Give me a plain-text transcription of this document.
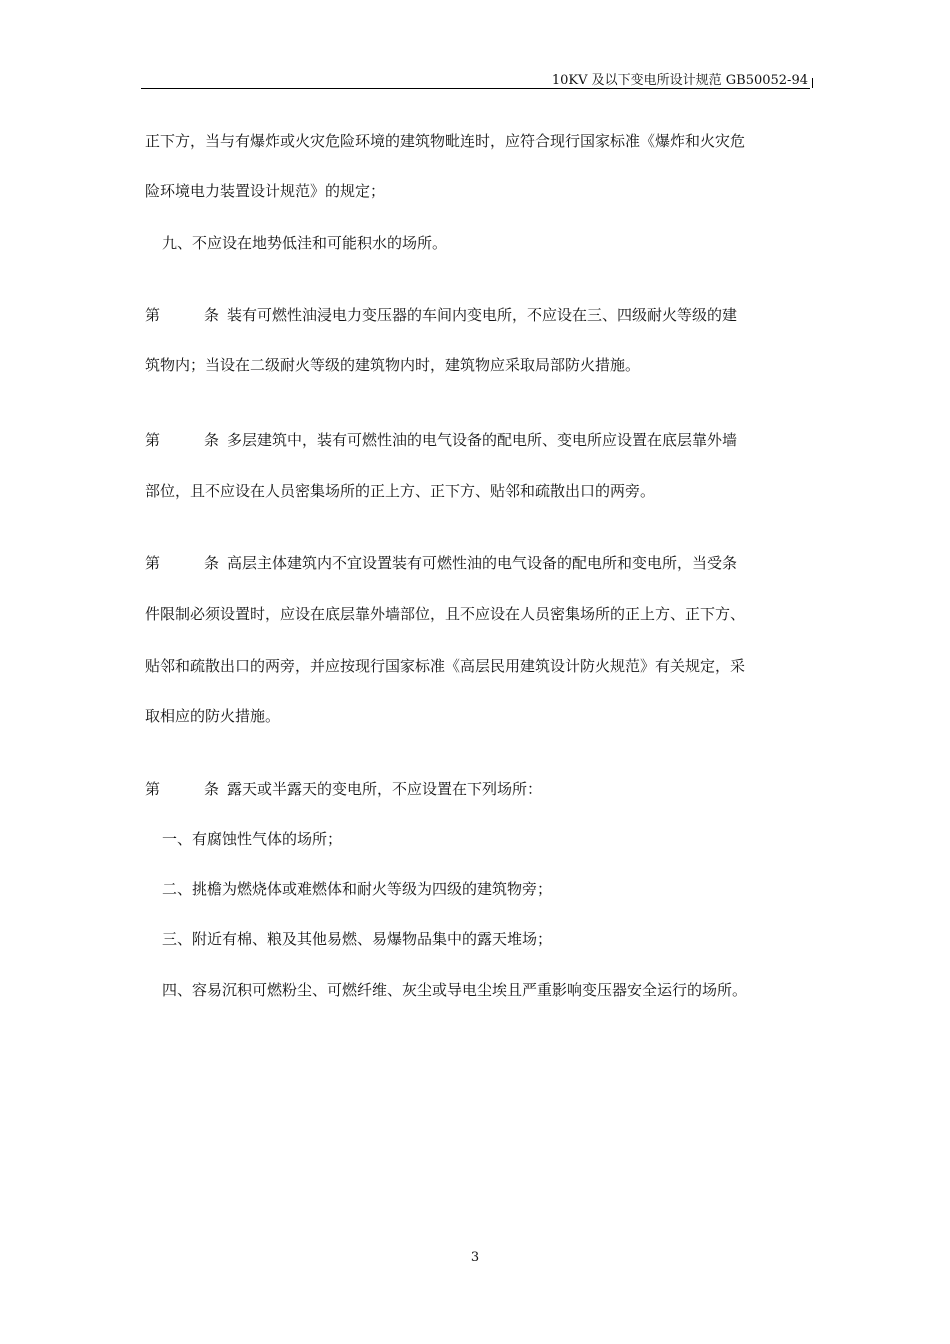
10KV 及以下变电所设计规范 GB50052-94
正下方，当与有爆炸或火灾危险环境的建筑物毗连时，应符合现行国家标准《爆炸和火灾危
险环境电力装置设计规范》的规定；
九、不应设在地势低洼和可能积水的场所。
第	条 装有可燃性油浸电力变压器的车间内变电所，不应设在三、四级耐火等级的建
筑物内；当设在二级耐火等级的建筑物内时，建筑物应采取局部防火措施。
第	条 多层建筑中，装有可燃性油的电气设备的配电所、变电所应设置在底层靠外墙
部位，且不应设在人员密集场所的正上方、正下方、贴邻和疏散出口的两旁。
第	条 高层主体建筑内不宜设置装有可燃性油的电气设备的配电所和变电所，当受条
件限制必须设置时，应设在底层靠外墙部位，且不应设在人员密集场所的正上方、正下方、
贴邻和疏散出口的两旁，并应按现行国家标准《高层民用建筑设计防火规范》有关规定，采
取相应的防火措施。
第	条 露天或半露天的变电所，不应设置在下列场所：
一、有腐蚀性气体的场所；
二、挑檐为燃烧体或难燃体和耐火等级为四级的建筑物旁；
三、附近有棉、粮及其他易燃、易爆物品集中的露天堆场；
四、容易沉积可燃粉尘、可燃纤维、灰尘或导电尘埃且严重影响变压器安全运行的场所。
3
